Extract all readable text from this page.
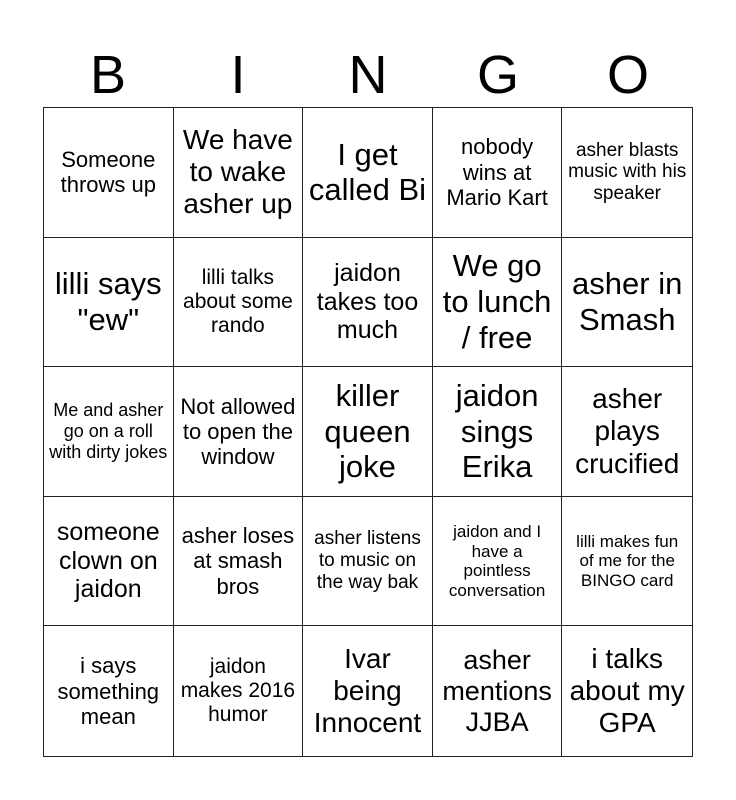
B	I	N	G	O
Someone throws up
We have to wake asher up
I get called Bi
nobody wins at Mario Kart
asher blasts music with his speaker
lilli says "ew"
lilli talks about some rando
jaidon takes too much
We go to lunch / free
asher in Smash
Me and asher go on a roll with dirty jokes
Not allowed to open the window
killer queen joke
jaidon sings Erika
asher plays crucified
someone clown on jaidon
asher loses at smash bros
asher listens to music on the way bak
jaidon and I have a pointless conversation
lilli makes fun of me for the BINGO card
i says something mean
jaidon makes 2016 humor
Ivar being Innocent
asher mentions JJBA
i talks about my GPA
